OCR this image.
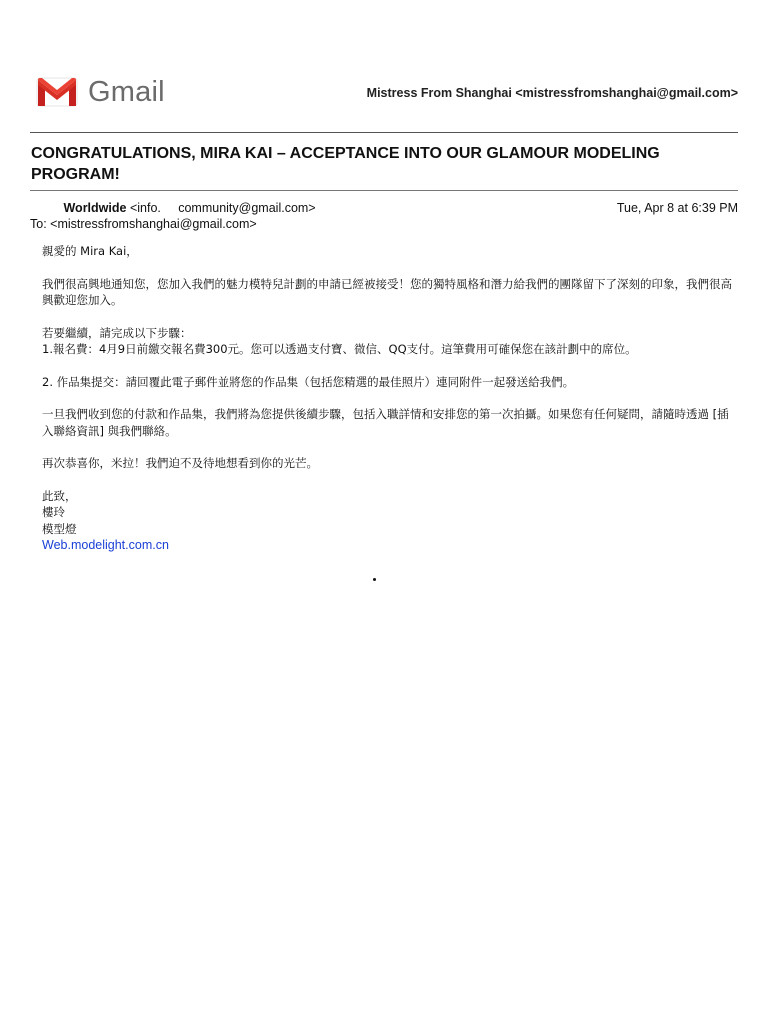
Gmail	Mistress From Shanghai <mistressfromshanghai@gmail.com>
CONGRATULATIONS, MIRA KAI – ACCEPTANCE INTO OUR GLAMOUR MODELING PROGRAM!
Worldwide <info.     community@gmail.com>	Tue, Apr 8 at 6:39 PM
To: <mistressfromshanghai@gmail.com>

親愛的 Mira Kai，

我們很高興地通知您，您加入我們的魅力模特兒計劃的申請已經被接受！您的獨特風格和潛力給我們的團隊留下了深刻的印象，我們很高興歡迎您加入。

若要繼續，請完成以下步驟：
1.報名費：4月9日前繳交報名費300元。您可以透過支付寶、微信、QQ支付。這筆費用可確保您在該計劃中的席位。

2. 作品集提交：請回覆此電子郵件並將您的作品集（包括您精選的最佳照片）連同附件一起發送給我們。

一旦我們收到您的付款和作品集，我們將為您提供後續步驟，包括入職詳情和安排您的第一次拍攝。如果您有任何疑問，請隨時透過 [插入聯絡資訊] 與我們聯絡。

再次恭喜你，米拉！我們迫不及待地想看到你的光芒。

此致，
樓玲
模型燈
Web.modelight.com.cn
